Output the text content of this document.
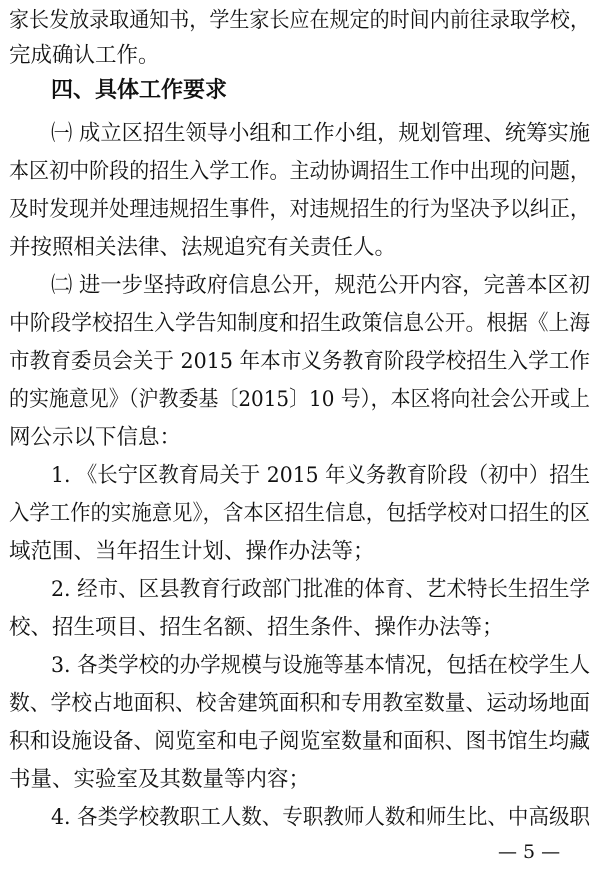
家长发放录取通知书，学生家长应在规定的时间内前往录取学校，
完成确认工作。
四、具体工作要求
㈠ 成立区招生领导小组和工作小组，规划管理、统筹实施
本区初中阶段的招生入学工作。主动协调招生工作中出现的问题，
及时发现并处理违规招生事件，对违规招生的行为坚决予以纠正，
并按照相关法律、法规追究有关责任人。
㈡ 进一步坚持政府信息公开，规范公开内容，完善本区初
中阶段学校招生入学告知制度和招生政策信息公开。根据《上海
市教育委员会关于 2015 年本市义务教育阶段学校招生入学工作
的实施意见》（沪教委基〔2015〕10 号），本区将向社会公开或上
网公示以下信息：
1. 《长宁区教育局关于 2015 年义务教育阶段（初中）招生
入学工作的实施意见》，含本区招生信息，包括学校对口招生的区
域范围、当年招生计划、操作办法等；
2. 经市、区县教育行政部门批准的体育、艺术特长生招生学
校、招生项目、招生名额、招生条件、操作办法等；
3. 各类学校的办学规模与设施等基本情况，包括在校学生人
数、学校占地面积、校舍建筑面积和专用教室数量、运动场地面
积和设施设备、阅览室和电子阅览室数量和面积、图书馆生均藏
书量、实验室及其数量等内容；
4. 各类学校教职工人数、专职教师人数和师生比、中高级职
— 5 —
